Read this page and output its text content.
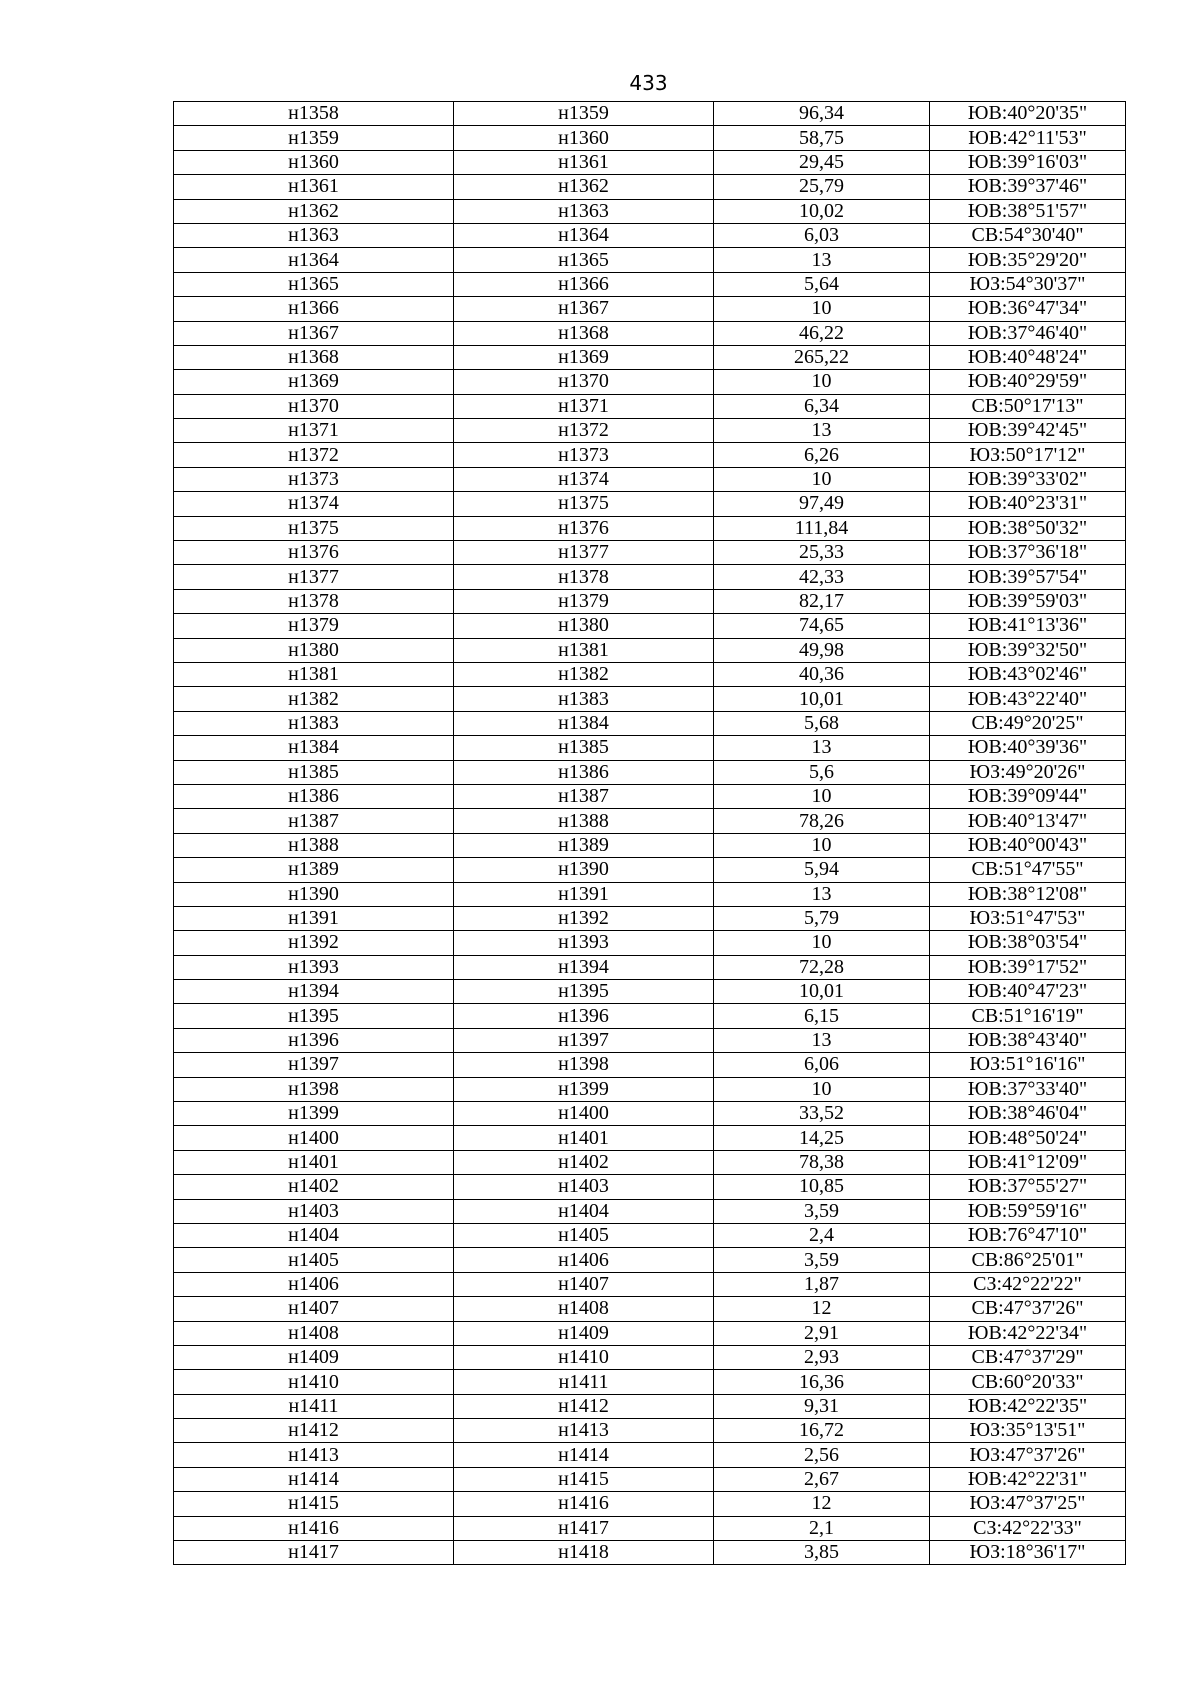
433
н1358	н1359	96,34	ЮВ:40°20'35"
н1359	н1360	58,75	ЮВ:42°11'53"
н1360	н1361	29,45	ЮВ:39°16'03"
н1361	н1362	25,79	ЮВ:39°37'46"
н1362	н1363	10,02	ЮВ:38°51'57"
н1363	н1364	6,03	СВ:54°30'40"
н1364	н1365	13	ЮВ:35°29'20"
н1365	н1366	5,64	ЮЗ:54°30'37"
н1366	н1367	10	ЮВ:36°47'34"
н1367	н1368	46,22	ЮВ:37°46'40"
н1368	н1369	265,22	ЮВ:40°48'24"
н1369	н1370	10	ЮВ:40°29'59"
н1370	н1371	6,34	СВ:50°17'13"
н1371	н1372	13	ЮВ:39°42'45"
н1372	н1373	6,26	ЮЗ:50°17'12"
н1373	н1374	10	ЮВ:39°33'02"
н1374	н1375	97,49	ЮВ:40°23'31"
н1375	н1376	111,84	ЮВ:38°50'32"
н1376	н1377	25,33	ЮВ:37°36'18"
н1377	н1378	42,33	ЮВ:39°57'54"
н1378	н1379	82,17	ЮВ:39°59'03"
н1379	н1380	74,65	ЮВ:41°13'36"
н1380	н1381	49,98	ЮВ:39°32'50"
н1381	н1382	40,36	ЮВ:43°02'46"
н1382	н1383	10,01	ЮВ:43°22'40"
н1383	н1384	5,68	СВ:49°20'25"
н1384	н1385	13	ЮВ:40°39'36"
н1385	н1386	5,6	ЮЗ:49°20'26"
н1386	н1387	10	ЮВ:39°09'44"
н1387	н1388	78,26	ЮВ:40°13'47"
н1388	н1389	10	ЮВ:40°00'43"
н1389	н1390	5,94	СВ:51°47'55"
н1390	н1391	13	ЮВ:38°12'08"
н1391	н1392	5,79	ЮЗ:51°47'53"
н1392	н1393	10	ЮВ:38°03'54"
н1393	н1394	72,28	ЮВ:39°17'52"
н1394	н1395	10,01	ЮВ:40°47'23"
н1395	н1396	6,15	СВ:51°16'19"
н1396	н1397	13	ЮВ:38°43'40"
н1397	н1398	6,06	ЮЗ:51°16'16"
н1398	н1399	10	ЮВ:37°33'40"
н1399	н1400	33,52	ЮВ:38°46'04"
н1400	н1401	14,25	ЮВ:48°50'24"
н1401	н1402	78,38	ЮВ:41°12'09"
н1402	н1403	10,85	ЮВ:37°55'27"
н1403	н1404	3,59	ЮВ:59°59'16"
н1404	н1405	2,4	ЮВ:76°47'10"
н1405	н1406	3,59	СВ:86°25'01"
н1406	н1407	1,87	СЗ:42°22'22"
н1407	н1408	12	СВ:47°37'26"
н1408	н1409	2,91	ЮВ:42°22'34"
н1409	н1410	2,93	СВ:47°37'29"
н1410	н1411	16,36	СВ:60°20'33"
н1411	н1412	9,31	ЮВ:42°22'35"
н1412	н1413	16,72	ЮЗ:35°13'51"
н1413	н1414	2,56	ЮЗ:47°37'26"
н1414	н1415	2,67	ЮВ:42°22'31"
н1415	н1416	12	ЮЗ:47°37'25"
н1416	н1417	2,1	СЗ:42°22'33"
н1417	н1418	3,85	ЮЗ:18°36'17"
